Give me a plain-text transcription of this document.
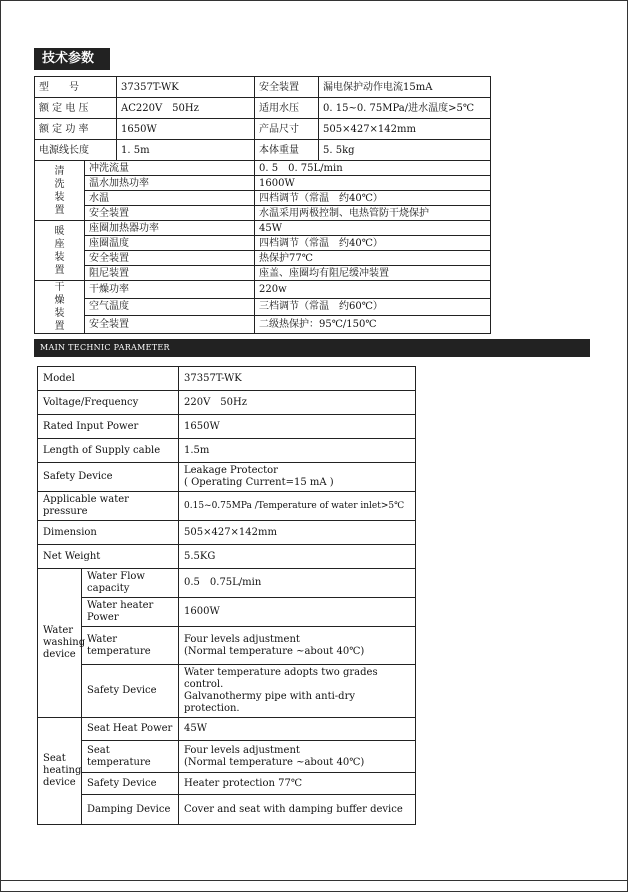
技术参数
型　　号		37357T-WK	安全装置	漏电保护动作电流15mA
额 定 电 压		AC220V　50Hz	适用水压	0. 15~0. 75MPa/进水温度>5℃
额 定 功 率		1650W	产品尺寸	505×427×142mm
电源线长度		1. 5m	本体重量	5. 5kg
清洗装置	冲洗流量		0. 5　0. 75L/min	
	温水加热功率		1600W	
	水温		四档调节（常温　约40℃）	
	安全装置		水温采用两极控制、电热管防干烧保护	
暖座装置	座圈加热器功率		45W	
	座圈温度		四档调节（常温　约40℃）	
	安全装置		热保护77℃	
	阻尼装置		座盖、座圈均有阻尼缓冲装置	
干燥装置	干燥功率		220w	
	空气温度		三档调节（常温　约60℃）	
	安全装置		二级热保护：95℃/150℃	
MAIN TECHNIC PARAMETER
Model		37357T-WK
Voltage/Frequency		220V　50Hz
Rated Input Power		1650W
Length of Supply cable		1.5m
Safety Device		Leakage Protector
( Operating Current=15 mA )

Applicable water
pressure		0.15~0.75MPa /Temperature of water inlet>5℃
Dimension		505×427×142mm
Net Weight		5.5KG

Water
washing
device	Water Flow capacity	0.5　0.75L/min
	Water heater Power	1600W
	Water temperature	Four levels adjustment
(Normal temperature ~about 40℃)

	Safety Device	Water temperature adopts two grades control.
Galvanothermy pipe with anti-dry protection.

Seat
heating
device	Seat Heat Power	45W
	Seat temperature	Four levels adjustment
(Normal temperature ~about 40℃)

	Safety Device	Heater protection 77℃
	Damping Device	Cover and seat with damping buffer device
